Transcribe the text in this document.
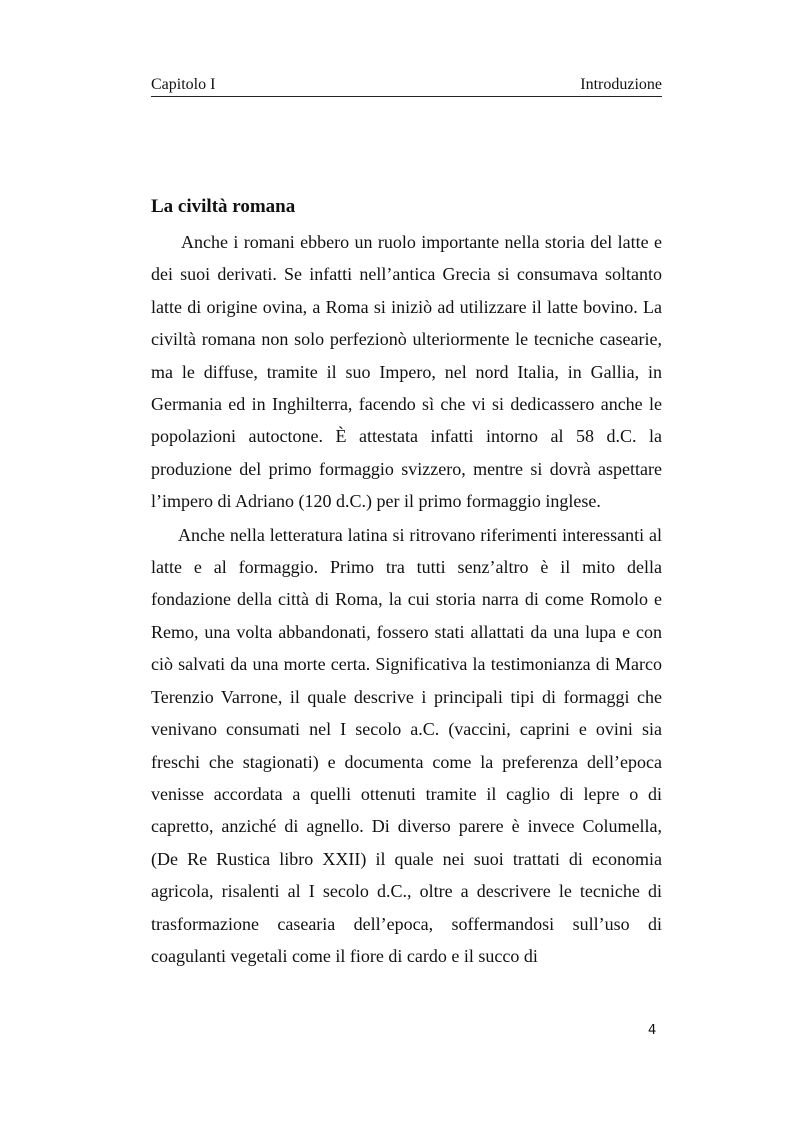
Capitolo I	Introduzione
La civiltà romana

Anche i romani ebbero un ruolo importante nella storia del latte e dei suoi derivati. Se infatti nell’antica Grecia si consumava soltanto latte di origine ovina, a Roma si iniziò ad utilizzare il latte bovino. La civiltà romana non solo perfezionò ulteriormente le tecniche casearie, ma le diffuse, tramite il suo Impero, nel nord Italia, in Gallia, in Germania ed in Inghilterra, facendo sì che vi si dedicassero anche le popolazioni autoctone. È attestata infatti intorno al 58 d.C. la produzione del primo formaggio svizzero, mentre si dovrà aspettare l’impero di Adriano (120 d.C.) per il primo formaggio inglese.

Anche nella letteratura latina si ritrovano riferimenti interessanti al latte e al formaggio. Primo tra tutti senz’altro è il mito della fondazione della città di Roma, la cui storia narra di come Romolo e Remo, una volta abbandonati, fossero stati allattati da una lupa e con ciò salvati da una morte certa. Significativa la testimonianza di Marco Terenzio Varrone, il quale descrive i principali tipi di formaggi che venivano consumati nel I secolo a.C. (vaccini, caprini e ovini sia freschi che stagionati) e documenta come la preferenza dell’epoca venisse accordata a quelli ottenuti tramite il caglio di lepre o di capretto, anziché di agnello. Di diverso parere è invece Columella, (De Re Rustica libro XXII) il quale nei suoi trattati di economia agricola, risalenti al I secolo d.C., oltre a descrivere le tecniche di trasformazione casearia dell’epoca, soffermandosi sull’uso di coagulanti vegetali come il fiore di cardo e il succo di

4
